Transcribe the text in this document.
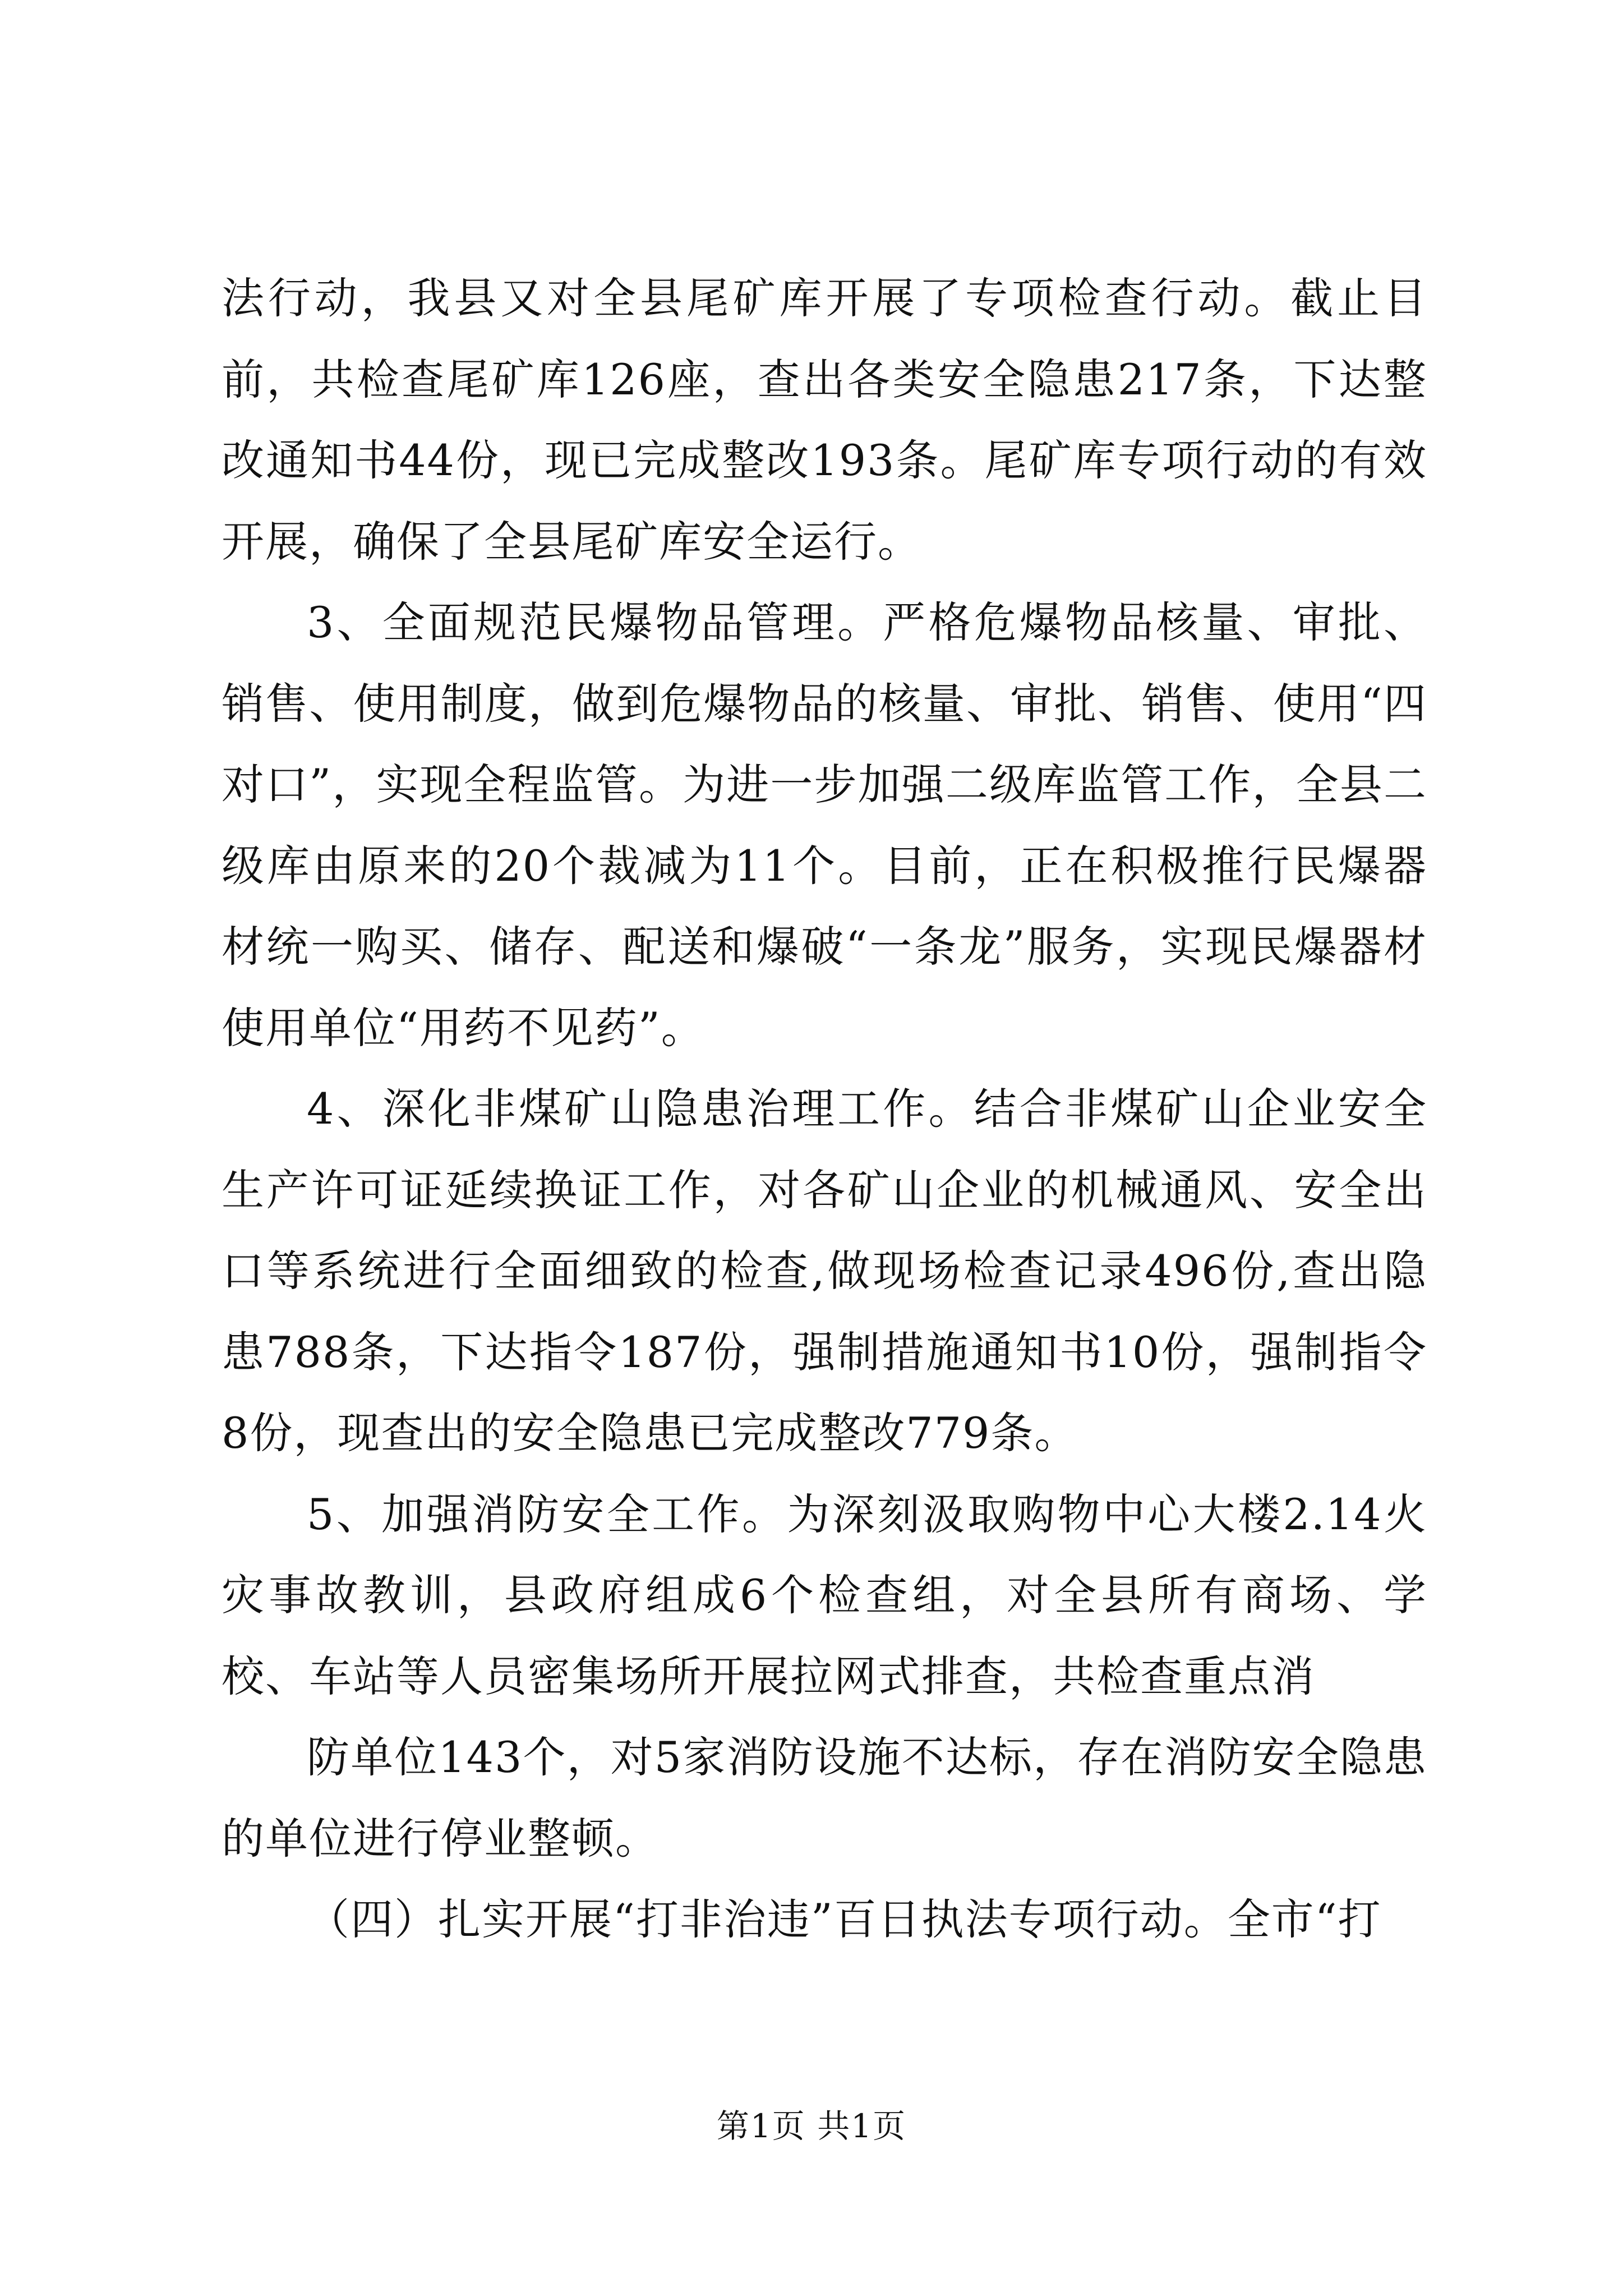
法行动，我县又对全县尾矿库开展了专项检查行动。截止目前，共检查尾矿库126座，查出各类安全隐患217条，下达整改通知书44份，现已完成整改193条。尾矿库专项行动的有效开展，确保了全县尾矿库安全运行。

3、全面规范民爆物品管理。严格危爆物品核量、审批、销售、使用制度，做到危爆物品的核量、审批、销售、使用“四对口”，实现全程监管。为进一步加强二级库监管工作，全县二级库由原来的20个裁减为11个。目前，正在积极推行民爆器材统一购买、储存、配送和爆破“一条龙”服务，实现民爆器材使用单位“用药不见药”。

4、深化非煤矿山隐患治理工作。结合非煤矿山企业安全生产许可证延续换证工作，对各矿山企业的机械通风、安全出口等系统进行全面细致的检查,做现场检查记录496份,查出隐患788条，下达指令187份，强制措施通知书10份，强制指令8份，现查出的安全隐患已完成整改779条。

5、加强消防安全工作。为深刻汲取购物中心大楼2.14火灾事故教训，县政府组成6个检查组，对全县所有商场、学校、车站等人员密集场所开展拉网式排查，共检查重点消

防单位143个，对5家消防设施不达标，存在消防安全隐患的单位进行停业整顿。

（四）扎实开展“打非治违”百日执法专项行动。全市“打

第1页 共1页
